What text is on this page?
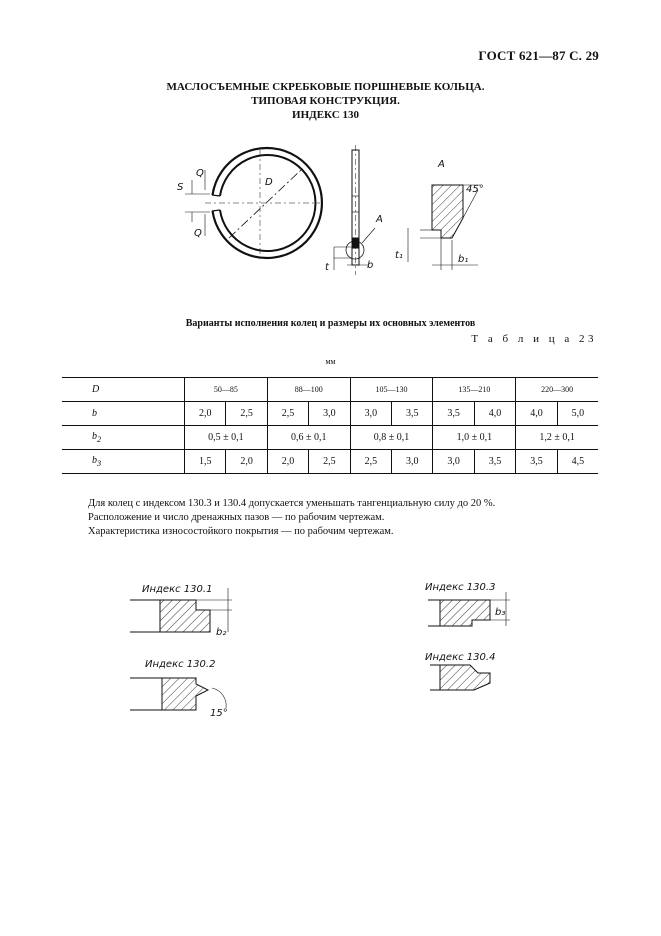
ГОСТ 621—87 С. 29
МАСЛОСЪЕМНЫЕ СКРЕБКОВЫЕ ПОРШНЕВЫЕ КОЛЬЦА.
ТИПОВАЯ КОНСТРУКЦИЯ.
ИНДЕКС 130
Q
Q
S	D
A
t	b
A
45°
t₁	b₁
Индекс 130.1
b₂
Индекс 130.2
15°
Индекс 130.3
b₃
Индекс 130.4
Варианты исполнения колец и размеры их основных элементов
Т а б л и ц а 23
мм
D	50—85		88—100		105—130		135—210		220—300	
b	2,0	2,5	2,5	3,0	3,0	3,5	3,5	4,0	4,0	5,0
$b_2$	0,5 ± 0,1		0,6 ± 0,1		0,8 ± 0,1		1,0 ± 0,1		1,2 ± 0,1	
$b_3$	1,5	2,0	2,0	2,5	2,5	3,0	3,0	3,5	3,5	4,5
Для колец с индексом 130.3 и 130.4 допускается уменьшать тангенциальную силу до 20 %.
Расположение и число дренажных пазов — по рабочим чертежам.
Характеристика износостойкого покрытия — по рабочим чертежам.
